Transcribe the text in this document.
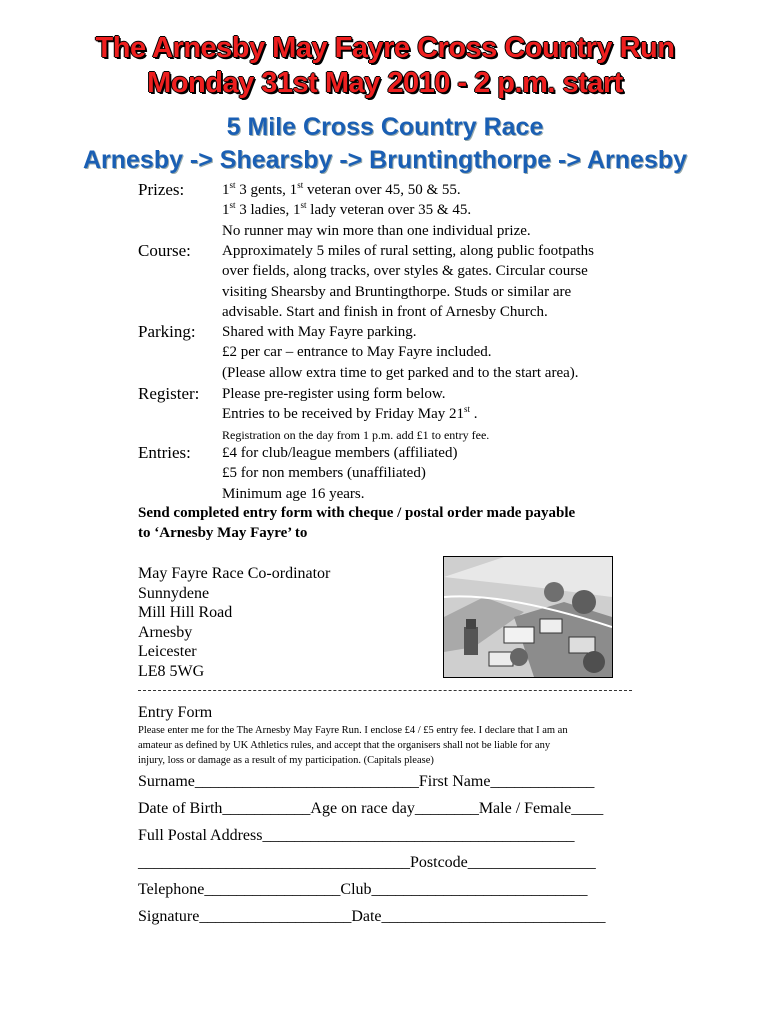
The Arnesby May Fayre Cross Country Run
Monday 31st May 2010 - 2 p.m. start
5 Mile Cross Country Race
Arnesby -> Shearsby -> Bruntingthorpe -> Arnesby
Prizes:	1st 3 gents, 1st veteran over 45, 50 & 55.
1st 3 ladies, 1st lady veteran over 35 & 45.
No runner may win more than one individual prize.
Course: Approximately 5 miles of rural setting, along public footpaths
over fields, along tracks, over styles & gates. Circular course
visiting Shearsby and Bruntingthorpe. Studs or similar are
advisable. Start and finish in front of Arnesby Church.
Parking: Shared with May Fayre parking.
£2 per car – entrance to May Fayre included.
(Please allow extra time to get parked and to the start area).
Register: Please pre-register using form below.
Entries to be received by Friday May 21st .
Registration on the day from 1 p.m. add £1 to entry fee.
Entries: £4 for club/league members (affiliated)
£5 for non members (unaffiliated)
Minimum age 16 years.
Send completed entry form with cheque / postal order made payable
to ‘Arnesby May Fayre’ to
May Fayre Race Co-ordinator
Sunnydene
Mill Hill Road
Arnesby
Leicester
LE8 5WG
Entry Form
Please enter me for the The Arnesby May Fayre Run. I enclose £4 / £5 entry fee. I declare that I am an
amateur as defined by UK Athletics rules, and accept that the organisers shall not be liable for any
injury, loss or damage as a result of my participation. (Capitals please)
Surname____________________________First Name_____________
Date of Birth___________Age on race day________Male / Female____
Full Postal Address_______________________________________
__________________________________Postcode________________
Telephone_________________Club___________________________
Signature___________________Date____________________________
